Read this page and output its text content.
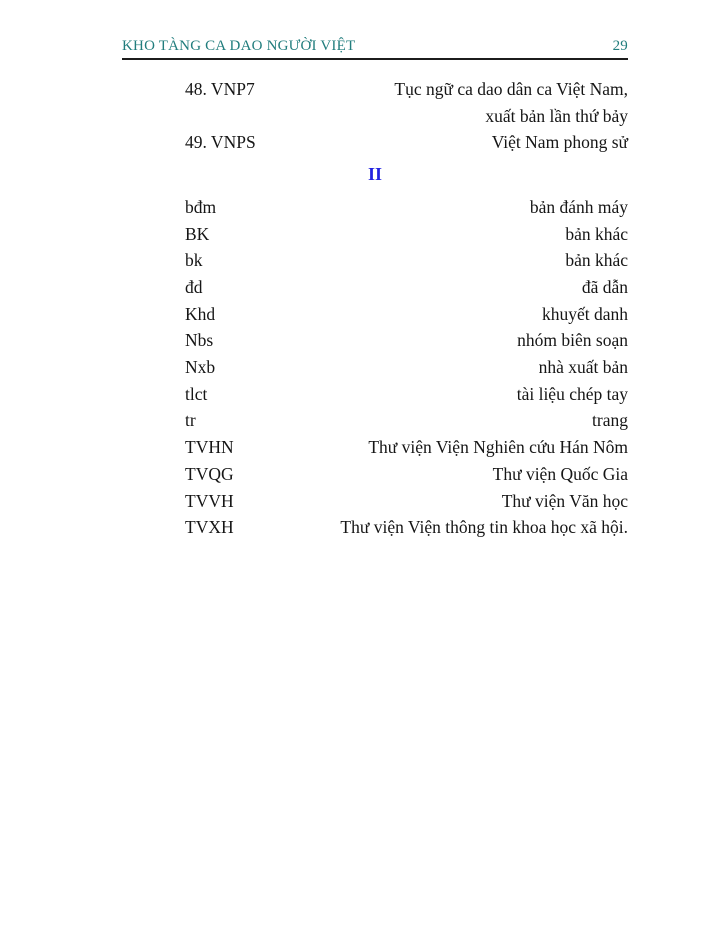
KHO TÀNG CA DAO NGƯỜI VIỆT	29
48. VNP7	Tục ngữ ca dao dân ca Việt Nam,
xuất bản lần thứ bảy
49. VNPS	Việt Nam phong sử
II
bđm	bản đánh máy
BK	bản khác
bk	bản khác
đd	đã dẫn
Khd	khuyết danh
Nbs	nhóm biên soạn
Nxb	nhà xuất bản
tlct	tài liệu chép tay
tr	trang
TVHN	Thư viện Viện Nghiên cứu Hán Nôm
TVQG	Thư viện Quốc Gia
TVVH	Thư viện Văn học
TVXH	Thư viện Viện thông tin khoa học xã hội.
